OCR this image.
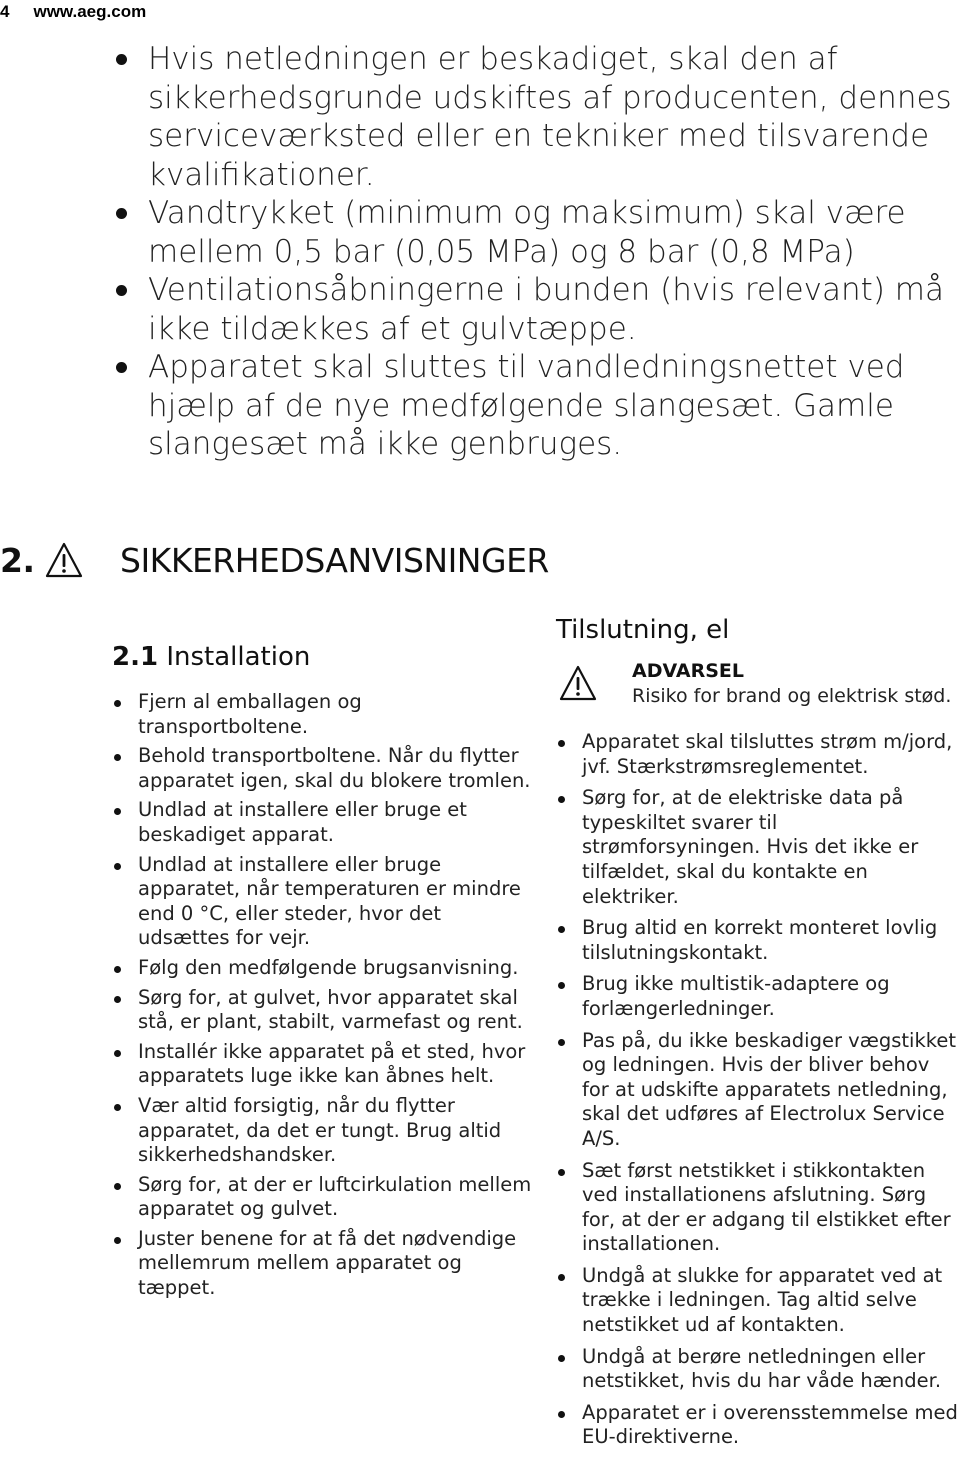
4 www.aeg.com
Hvis netledningen er beskadiget, skal den af sikkerhedsgrunde udskiftes af producenten, dennes serviceværksted eller en tekniker med tilsvarende kvalifikationer.
Vandtrykket (minimum og maksimum) skal være mellem 0,5 bar (0,05 MPa) og 8 bar (0,8 MPa)
Ventilationsåbningerne i bunden (hvis relevant) må ikke tildækkes af et gulvtæppe.
Apparatet skal sluttes til vandledningsnettet ved hjælp af de nye medfølgende slangesæt. Gamle slangesæt må ikke genbruges.
2.	SIKKERHEDSANVISNINGER
2.1 Installation
Fjern al emballagen og transportboltene.
Behold transportboltene. Når du flytter apparatet igen, skal du blokere tromlen.
Undlad at installere eller bruge et beskadiget apparat.
Undlad at installere eller bruge apparatet, når temperaturen er mindre end 0 °C, eller steder, hvor det udsættes for vejr.
Følg den medfølgende brugsanvisning.
Sørg for, at gulvet, hvor apparatet skal stå, er plant, stabilt, varmefast og rent.
Installér ikke apparatet på et sted, hvor apparatets luge ikke kan åbnes helt.
Vær altid forsigtig, når du flytter apparatet, da det er tungt. Brug altid sikkerhedshandsker.
Sørg for, at der er luftcirkulation mellem apparatet og gulvet.
Juster benene for at få det nødvendige mellemrum mellem apparatet og tæppet.
Tilslutning, el
ADVARSEL
Risiko for brand og elektrisk stød.
Apparatet skal tilsluttes strøm m/jord, jvf. Stærkstrømsreglementet.
Sørg for, at de elektriske data på typeskiltet svarer til strømforsyningen. Hvis det ikke er tilfældet, skal du kontakte en elektriker.
Brug altid en korrekt monteret lovlig tilslutningskontakt.
Brug ikke multistik-adaptere og forlængerledninger.
Pas på, du ikke beskadiger vægstikket og ledningen. Hvis der bliver behov for at udskifte apparatets netledning, skal det udføres af Electrolux Service A/S.
Sæt først netstikket i stikkontakten ved installationens afslutning. Sørg for, at der er adgang til elstikket efter installationen.
Undgå at slukke for apparatet ved at trække i ledningen. Tag altid selve netstikket ud af kontakten.
Undgå at berøre netledningen eller netstikket, hvis du har våde hænder.
Apparatet er i overensstemmelse med EU-direktiverne.
